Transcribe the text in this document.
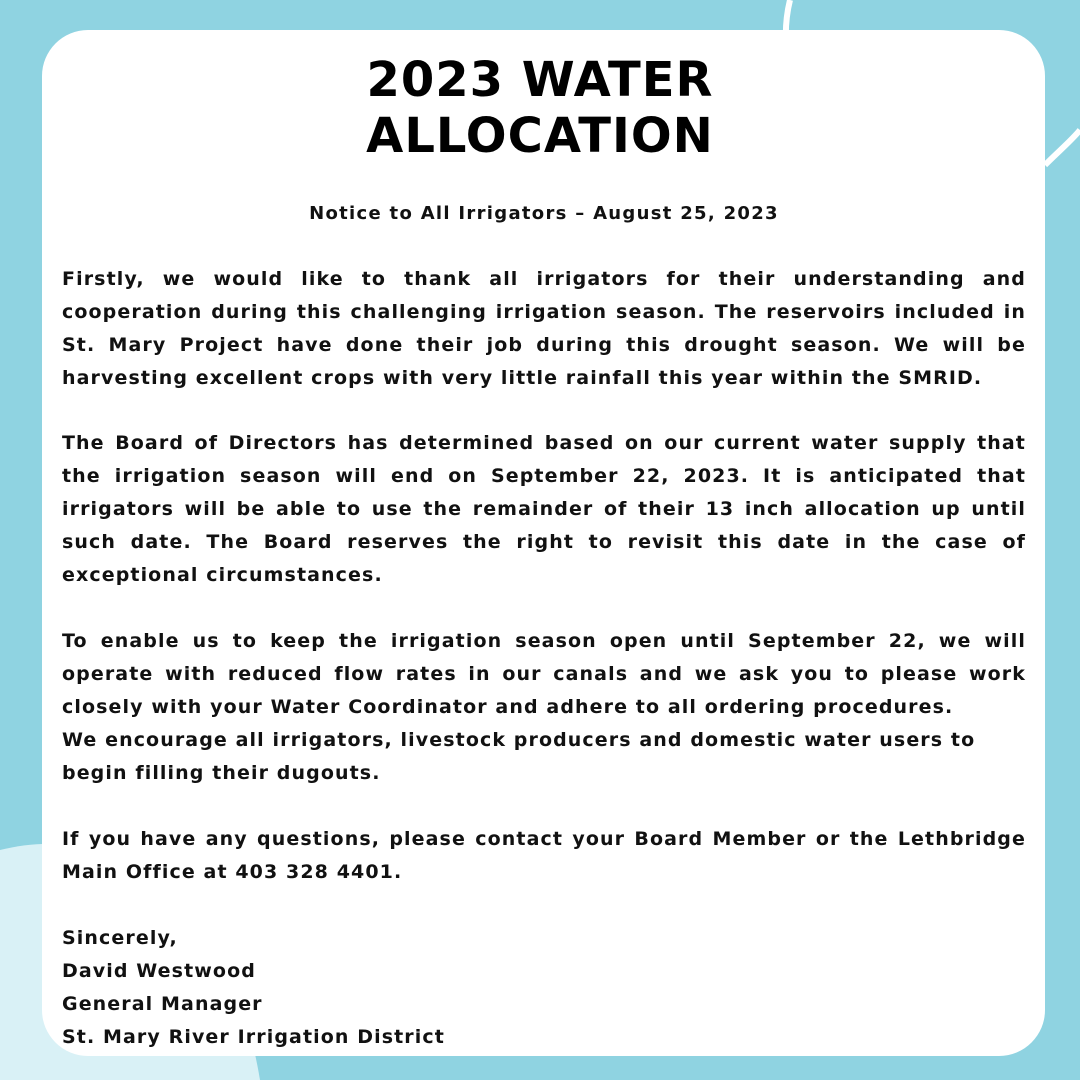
2023 WATER
ALLOCATION

Notice to All Irrigators – August 25, 2023

Firstly, we would like to thank all irrigators for their understanding and cooperation during this challenging irrigation season. The reservoirs included in St. Mary Project have done their job during this drought season. We will be harvesting excellent crops with very little rainfall this year within the SMRID.

The Board of Directors has determined based on our current water supply that the irrigation season will end on September 22, 2023. It is anticipated that irrigators will be able to use the remainder of their 13 inch allocation up until such date. The Board reserves the right to revisit this date in the case of exceptional circumstances.

To enable us to keep the irrigation season open until September 22, we will operate with reduced flow rates in our canals and we ask you to please work closely with your Water Coordinator and adhere to all ordering procedures.

We encourage all irrigators, livestock producers and domestic water users to begin filling their dugouts.

If you have any questions, please contact your Board Member or the Lethbridge Main Office at 403 328 4401.

Sincerely,
David Westwood
General Manager
St. Mary River Irrigation District
